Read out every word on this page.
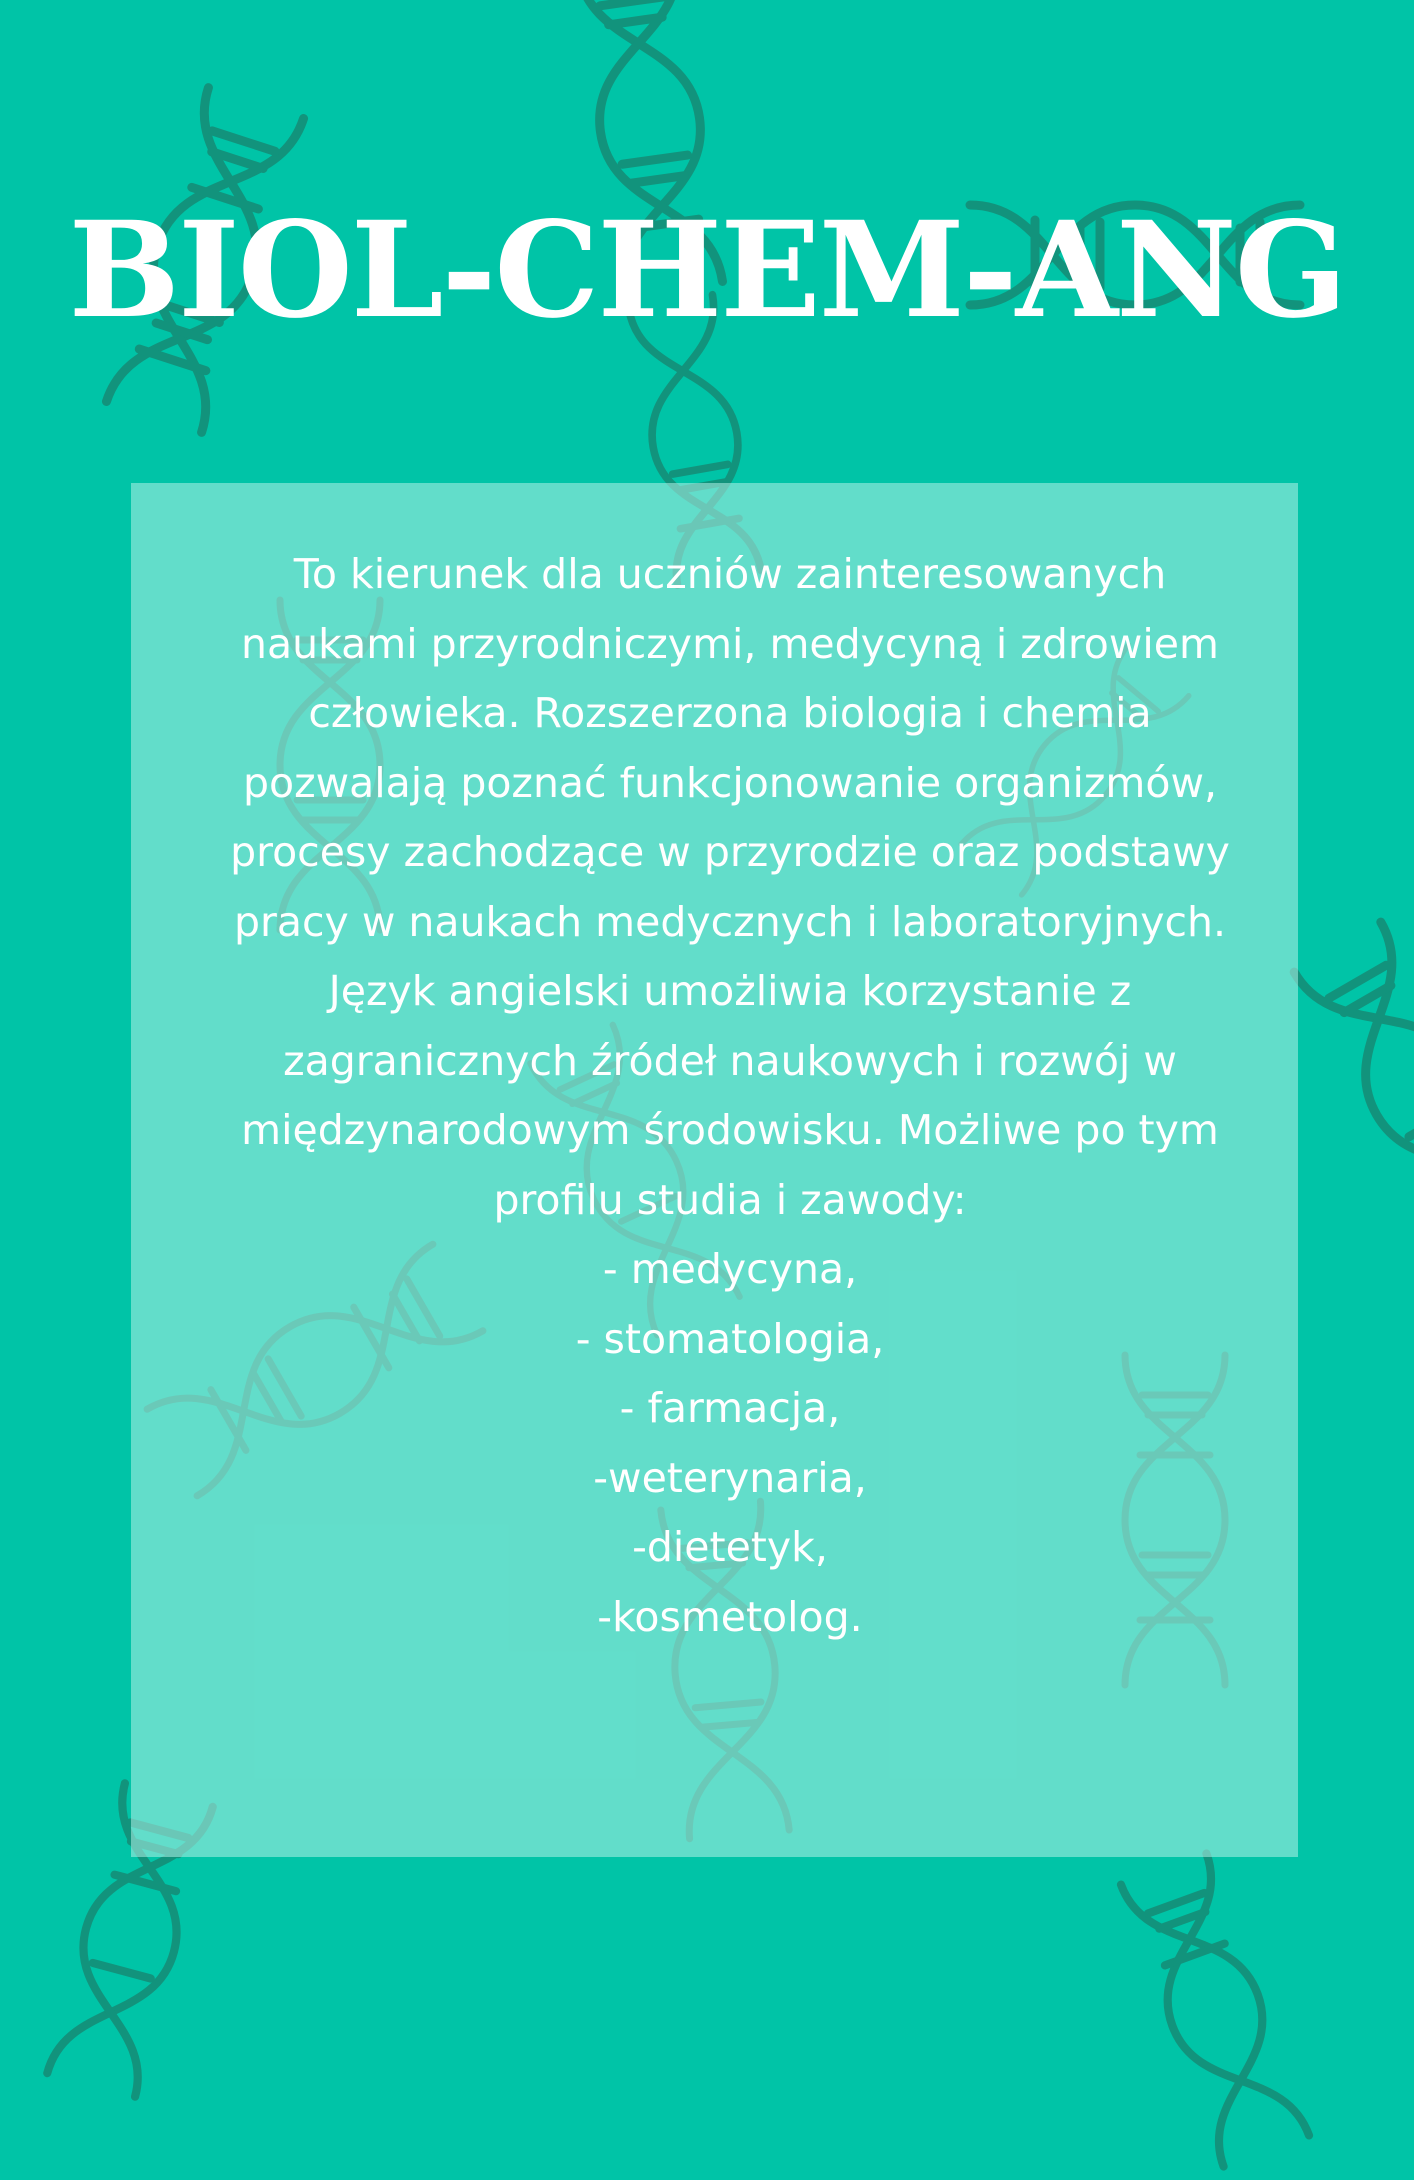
BIOL-CHEM-ANG

To kierunek dla uczniów zainteresowanych naukami przyrodniczymi, medycyną i zdrowiem człowieka. Rozszerzona biologia i chemia pozwalają poznać funkcjonowanie organizmów, procesy zachodzące w przyrodzie oraz podstawy pracy w naukach medycznych i laboratoryjnych. Język angielski umożliwia korzystanie z zagranicznych źródeł naukowych i rozwój w międzynarodowym środowisku. Możliwe po tym profilu studia i zawody:

- medycyna,
- stomatologia,
- farmacja,
-weterynaria,
-dietetyk,
-kosmetolog.
